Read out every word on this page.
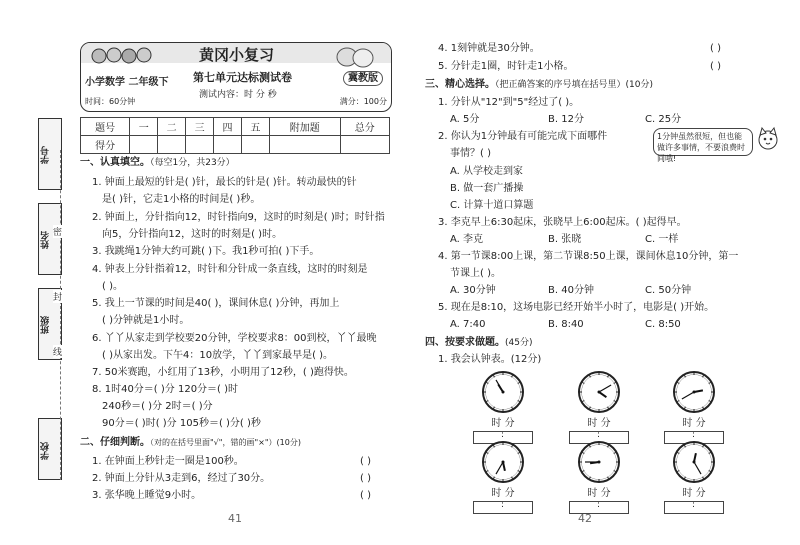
学号
姓名
班级
学校
密
封
线
黄冈小复习
小学数学 二年级下 第七单元达标测试卷	冀教版
测试内容：时 分 秒
时间：60分钟	满分：100分
题号	一	二	三	四	五	附加题	总分
得分							
一、认真填空。（每空1分，共23分）
1. 钟面上最短的针是( )针，最长的针是( )针。转动最快的针
是( )针，它走1小格的时间是( )秒。
2. 钟面上，分针指向12，时针指向9，这时的时刻是( )时；时针指
向5，分针指向12，这时的时刻是( )时。
3. 我跳绳1分钟大约可跳( )下。我1秒可拍( )下手。
4. 钟表上分针指着12，时针和分针成一条直线，这时的时刻是
( )。
5. 我上一节课的时间是40( )，课间休息( )分钟，再加上
( )分钟就是1小时。
6. 丫丫从家走到学校要20分钟，学校要求8：00到校，丫丫最晚
( )从家出发。下午4：10放学，丫丫到家最早是( )。
7. 50米赛跑，小红用了13秒，小明用了12秒，( )跑得快。
8. 1时40分＝( )分 120分＝( )时
240秒＝( )分 2时＝( )分
90分＝( )时( )分 105秒＝( )分( )秒
二、仔细判断。（对的在括号里面"√"，错的画"×"）(10分)
1. 在钟面上秒针走一圈是100秒。	( )
2. 钟面上分针从3走到6，经过了30分。	( )
3. 张华晚上睡觉9小时。	( )
41
4. 1刻钟就是30分钟。	( )
5. 分针走1圈，时针走1小格。	( )
三、精心选择。（把正确答案的序号填在括号里）(10分)
1. 分针从"12"到"5"经过了( )。
A. 5分	B. 12分	C. 25分
2. 你认为1分钟最有可能完成下面哪件
事情？( )
1分钟虽然很短，但也能做许多事情，不要浪费时间哦!
A. 从学校走到家
B. 做一套广播操
C. 计算十道口算题
3. 李克早上6:30起床，张晓早上6:00起床。( )起得早。
A. 李克	B. 张晓	C. 一样
4. 第一节课8:00上课，第二节课8:50上课，课间休息10分钟，第一
节课上( )。
A. 30分钟	B. 40分钟	C. 50分钟
5. 现在是8:10，这场电影已经开始半小时了，电影是( )开始。
A. 7:40	B. 8:40	C. 8:50
四、按要求做题。(45分)
1. 我会认钟表。(12分)
时 分
:
时 分
:
时 分
:
时 分
:
时 分
:
时 分
:
42
